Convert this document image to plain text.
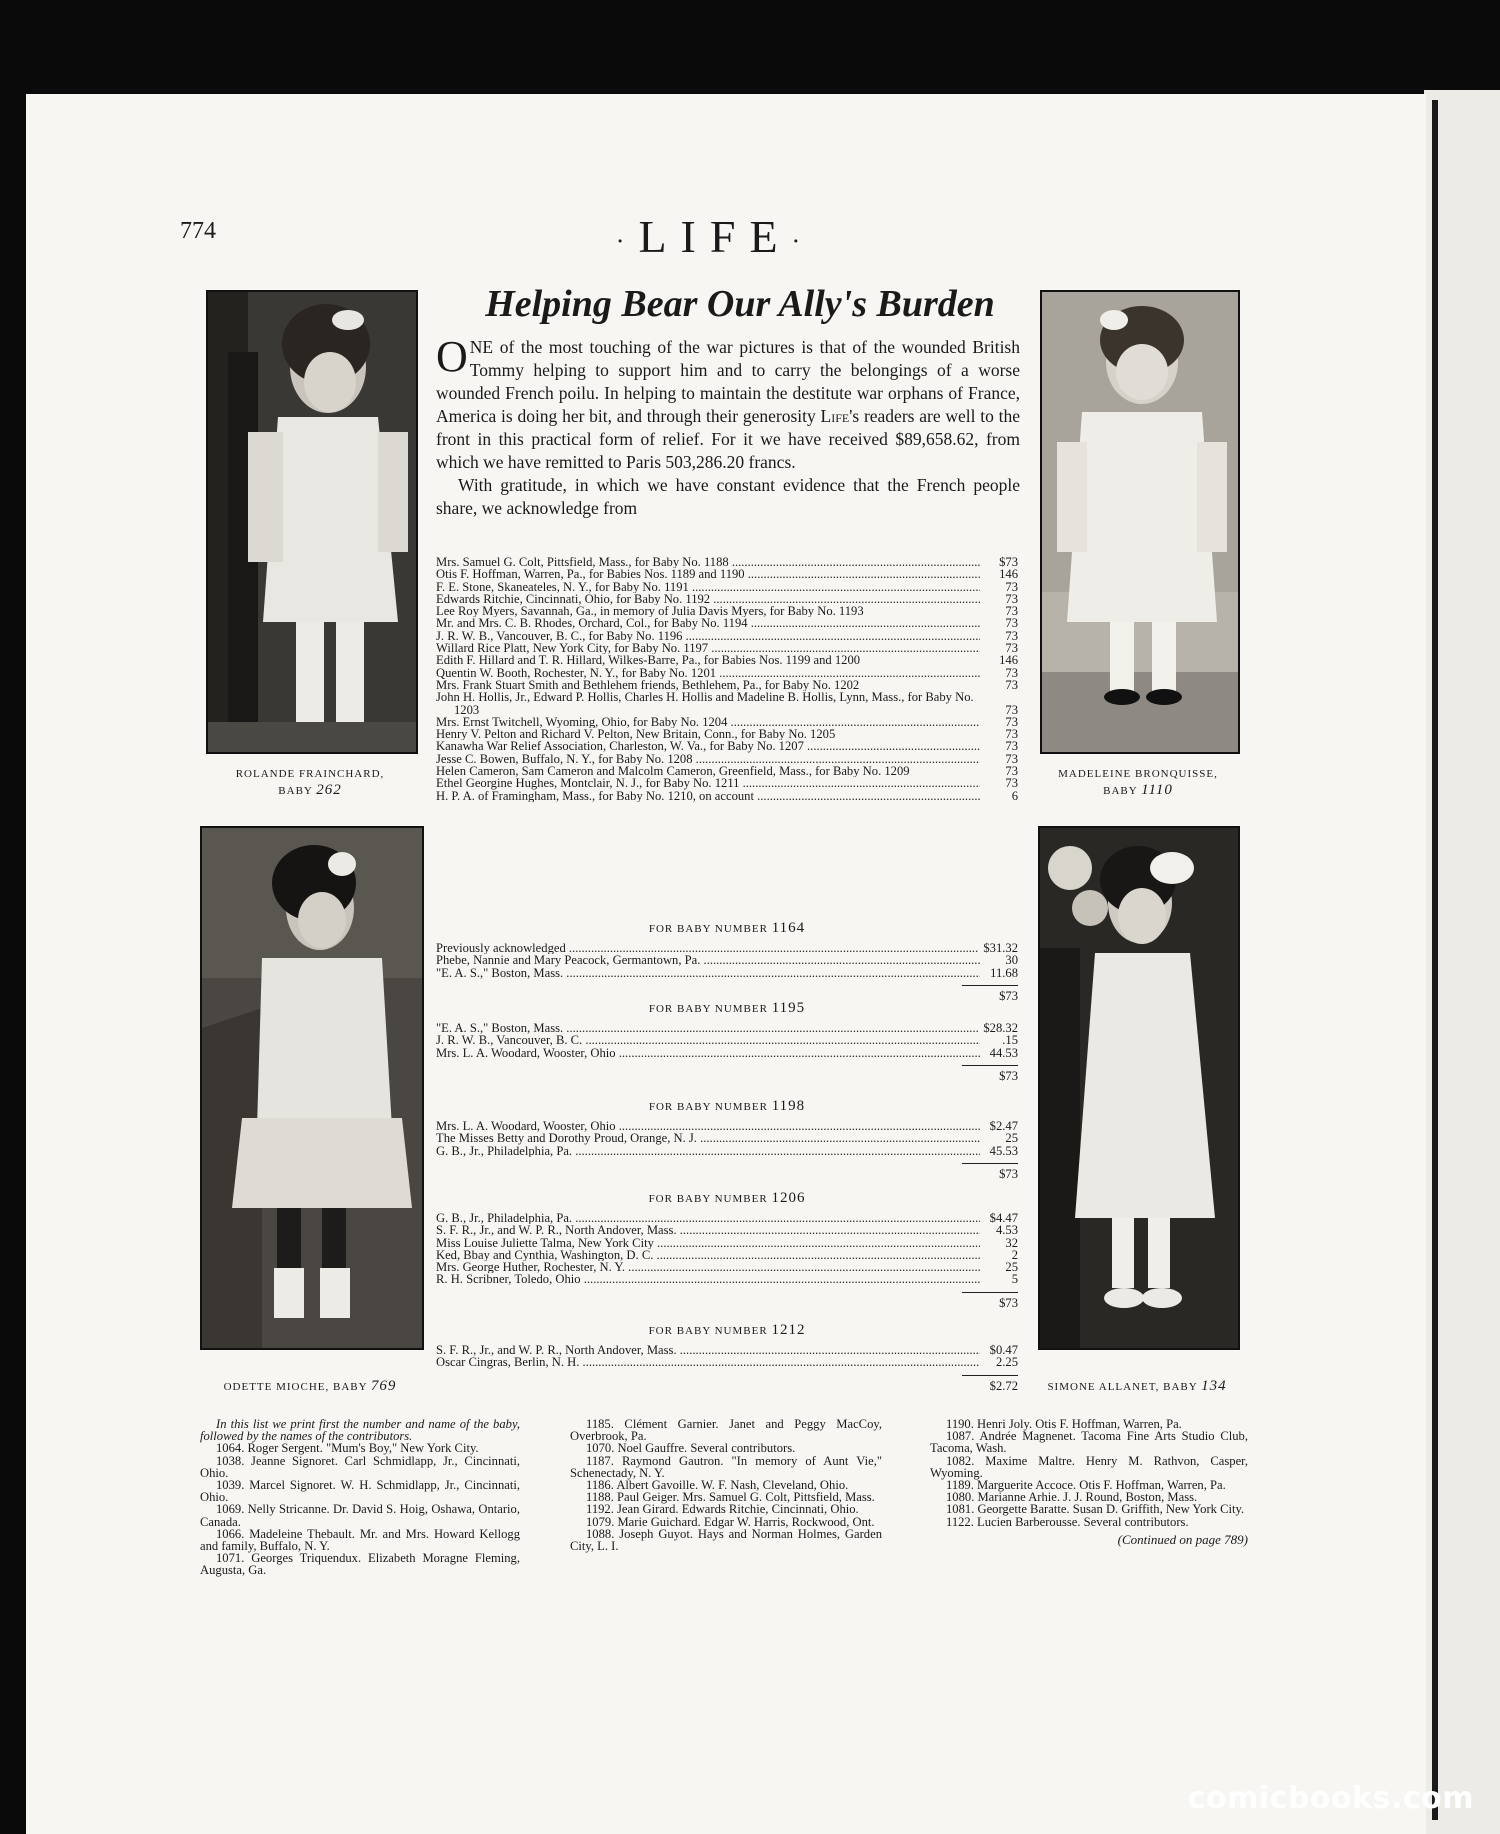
774	·LIFE·
Helping Bear Our Ally's Burden

ONE of the most touching of the war pictures is that of the wounded British Tommy helping to support him and to carry the belongings of a worse wounded French poilu. In helping to maintain the destitute war orphans of France, America is doing her bit, and through their generosity Life's readers are well to the front in this practical form of relief. For it we have received $89,658.62, from which we have remitted to Paris 503,286.20 francs.

With gratitude, in which we have constant evidence that the French people share, we acknowledge from

ROLANDE FRAINCHARD,
BABY 262
MADELEINE BRONQUISSE,
BABY 1110
ODETTE MIOCHE, BABY 769	SIMONE ALLANET, BABY 134
Mrs. Samuel G. Colt, Pittsfield, Mass., for Baby No. 1188 .....	$73
Otis F. Hoffman, Warren, Pa., for Babies Nos. 1189 and 1190 .....	146
F. E. Stone, Skaneateles, N. Y., for Baby No. 1191 .....	73
Edwards Ritchie, Cincinnati, Ohio, for Baby No. 1192 .....	73
Lee Roy Myers, Savannah, Ga., in memory of Julia Davis Myers, for Baby No. 1193	73
Mr. and Mrs. C. B. Rhodes, Orchard, Col., for Baby No. 1194 .....	73
J. R. W. B., Vancouver, B. C., for Baby No. 1196 .....	73
Willard Rice Platt, New York City, for Baby No. 1197 .....	73
Edith F. Hillard and T. R. Hillard, Wilkes-Barre, Pa., for Babies Nos. 1199 and 1200	146
Quentin W. Booth, Rochester, N. Y., for Baby No. 1201 .....	73
Mrs. Frank Stuart Smith and Bethlehem friends, Bethlehem, Pa., for Baby No. 1202	73
John H. Hollis, Jr., Edward P. Hollis, Charles H. Hollis and Madeline B. Hollis, Lynn, Mass., for Baby No. 1203	73
Mrs. Ernst Twitchell, Wyoming, Ohio, for Baby No. 1204 .....	73
Henry V. Pelton and Richard V. Pelton, New Britain, Conn., for Baby No. 1205	73
Kanawha War Relief Association, Charleston, W. Va., for Baby No. 1207 .....	73
Jesse C. Bowen, Buffalo, N. Y., for Baby No. 1208 .....	73
Helen Cameron, Sam Cameron and Malcolm Cameron, Greenfield, Mass., for Baby No. 1209	73
Ethel Georgine Hughes, Montclair, N. J., for Baby No. 1211 .....	73
H. P. A. of Framingham, Mass., for Baby No. 1210, on account .....	6
FOR BABY NUMBER 1164
Previously acknowledged .....	$31.32
Phebe, Nannie and Mary Peacock, Germantown, Pa. .....	30
"E. A. S.," Boston, Mass. .....	11.68
$73
FOR BABY NUMBER 1195
"E. A. S.," Boston, Mass. .....	$28.32
J. R. W. B., Vancouver, B. C. .....	.15
Mrs. L. A. Woodard, Wooster, Ohio .....	44.53
$73
FOR BABY NUMBER 1198
Mrs. L. A. Woodard, Wooster, Ohio .....	$2.47
The Misses Betty and Dorothy Proud, Orange, N. J. .....	25
G. B., Jr., Philadelphia, Pa. .....	45.53
$73
FOR BABY NUMBER 1206
G. B., Jr., Philadelphia, Pa. .....	$4.47
S. F. R., Jr., and W. P. R., North Andover, Mass. .....	4.53
Miss Louise Juliette Talma, New York City .....	32
Ked, Bbay and Cynthia, Washington, D. C. .....	2
Mrs. George Huther, Rochester, N. Y. .....	25
R. H. Scribner, Toledo, Ohio .....	5
$73
FOR BABY NUMBER 1212
S. F. R., Jr., and W. P. R., North Andover, Mass. .....	$0.47
Oscar Cingras, Berlin, N. H. .....	2.25
$2.72

In this list we print first the number and name of the baby, followed by the names of the contributors.

1064. Roger Sergent. "Mum's Boy," New York City.

1038. Jeanne Signoret. Carl Schmidlapp, Jr., Cincinnati, Ohio.

1039. Marcel Signoret. W. H. Schmidlapp, Jr., Cincinnati, Ohio.

1069. Nelly Stricanne. Dr. David S. Hoig, Oshawa, Ontario, Canada.

1066. Madeleine Thebault. Mr. and Mrs. Howard Kellogg and family, Buffalo, N. Y.

1071. Georges Triquendux. Elizabeth Moragne Fleming, Augusta, Ga.

1185. Clément Garnier. Janet and Peggy MacCoy, Overbrook, Pa.

1070. Noel Gauffre. Several contributors.

1187. Raymond Gautron. "In memory of Aunt Vie," Schenectady, N. Y.

1186. Albert Gavoille. W. F. Nash, Cleveland, Ohio.

1188. Paul Geiger. Mrs. Samuel G. Colt, Pittsfield, Mass.

1192. Jean Girard. Edwards Ritchie, Cincinnati, Ohio.

1079. Marie Guichard. Edgar W. Harris, Rockwood, Ont.

1088. Joseph Guyot. Hays and Norman Holmes, Garden City, L. I.

1190. Henri Joly. Otis F. Hoffman, Warren, Pa.

1087. Andrée Magnenet. Tacoma Fine Arts Studio Club, Tacoma, Wash.

1082. Maxime Maltre. Henry M. Rathvon, Casper, Wyoming.

1189. Marguerite Accoce. Otis F. Hoffman, Warren, Pa.

1080. Marianne Arhie. J. J. Round, Boston, Mass.

1081. Georgette Baratte. Susan D. Griffith, New York City.

1122. Lucien Barberousse. Several contributors.

(Continued on page 789)
comicbooks.com
